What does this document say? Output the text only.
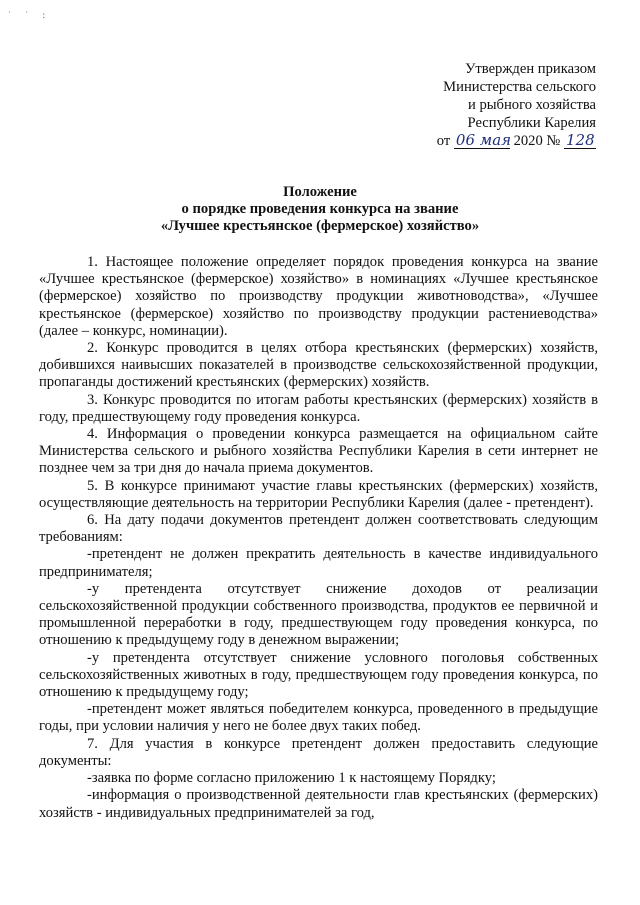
˙ ˙ :
Утвержден приказом
Министерства сельского
и рыбного хозяйства
Республики Карелия
от 06 мая 2020 № 128
Положение
о порядке проведения конкурса на звание
«Лучшее крестьянское (фермерское) хозяйство»

1. Настоящее положение определяет порядок проведения конкурса на звание «Лучшее крестьянское (фермерское) хозяйство» в номинациях «Лучшее крестьянское (фермерское) хозяйство по производству продукции животноводства», «Лучшее крестьянское (фермерское) хозяйство по производству продукции растениеводства» (далее – конкурс, номинации).

2. Конкурс проводится в целях отбора крестьянских (фермерских) хозяйств, добившихся наивысших показателей в производстве сельскохозяйственной продукции, пропаганды достижений крестьянских (фермерских) хозяйств.

3. Конкурс проводится по итогам работы крестьянских (фермерских) хозяйств в году, предшествующему году проведения конкурса.

4. Информация о проведении конкурса размещается на официальном сайте Министерства сельского и рыбного хозяйства Республики Карелия в сети интернет не позднее чем за три дня до начала приема документов.

5. В конкурсе принимают участие главы крестьянских (фермерских) хозяйств, осуществляющие деятельность на территории Республики Карелия (далее - претендент).

6. На дату подачи документов претендент должен соответствовать следующим требованиям:

-претендент не должен прекратить деятельность в качестве индивидуального предпринимателя;

-у претендента отсутствует снижение доходов от реализации сельскохозяйственной продукции собственного производства, продуктов ее первичной и промышленной переработки в году, предшествующем году проведения конкурса, по отношению к предыдущему году в денежном выражении;

-у претендента отсутствует снижение условного поголовья собственных сельскохозяйственных животных в году, предшествующем году проведения конкурса, по отношению к предыдущему году;

-претендент может являться победителем конкурса, проведенного в предыдущие годы, при условии наличия у него не более двух таких побед.

7. Для участия в конкурсе претендент должен предоставить следующие документы:

-заявка по форме согласно приложению 1 к настоящему Порядку;

-информация о производственной деятельности глав крестьянских (фермерских) хозяйств - индивидуальных предпринимателей за год,
